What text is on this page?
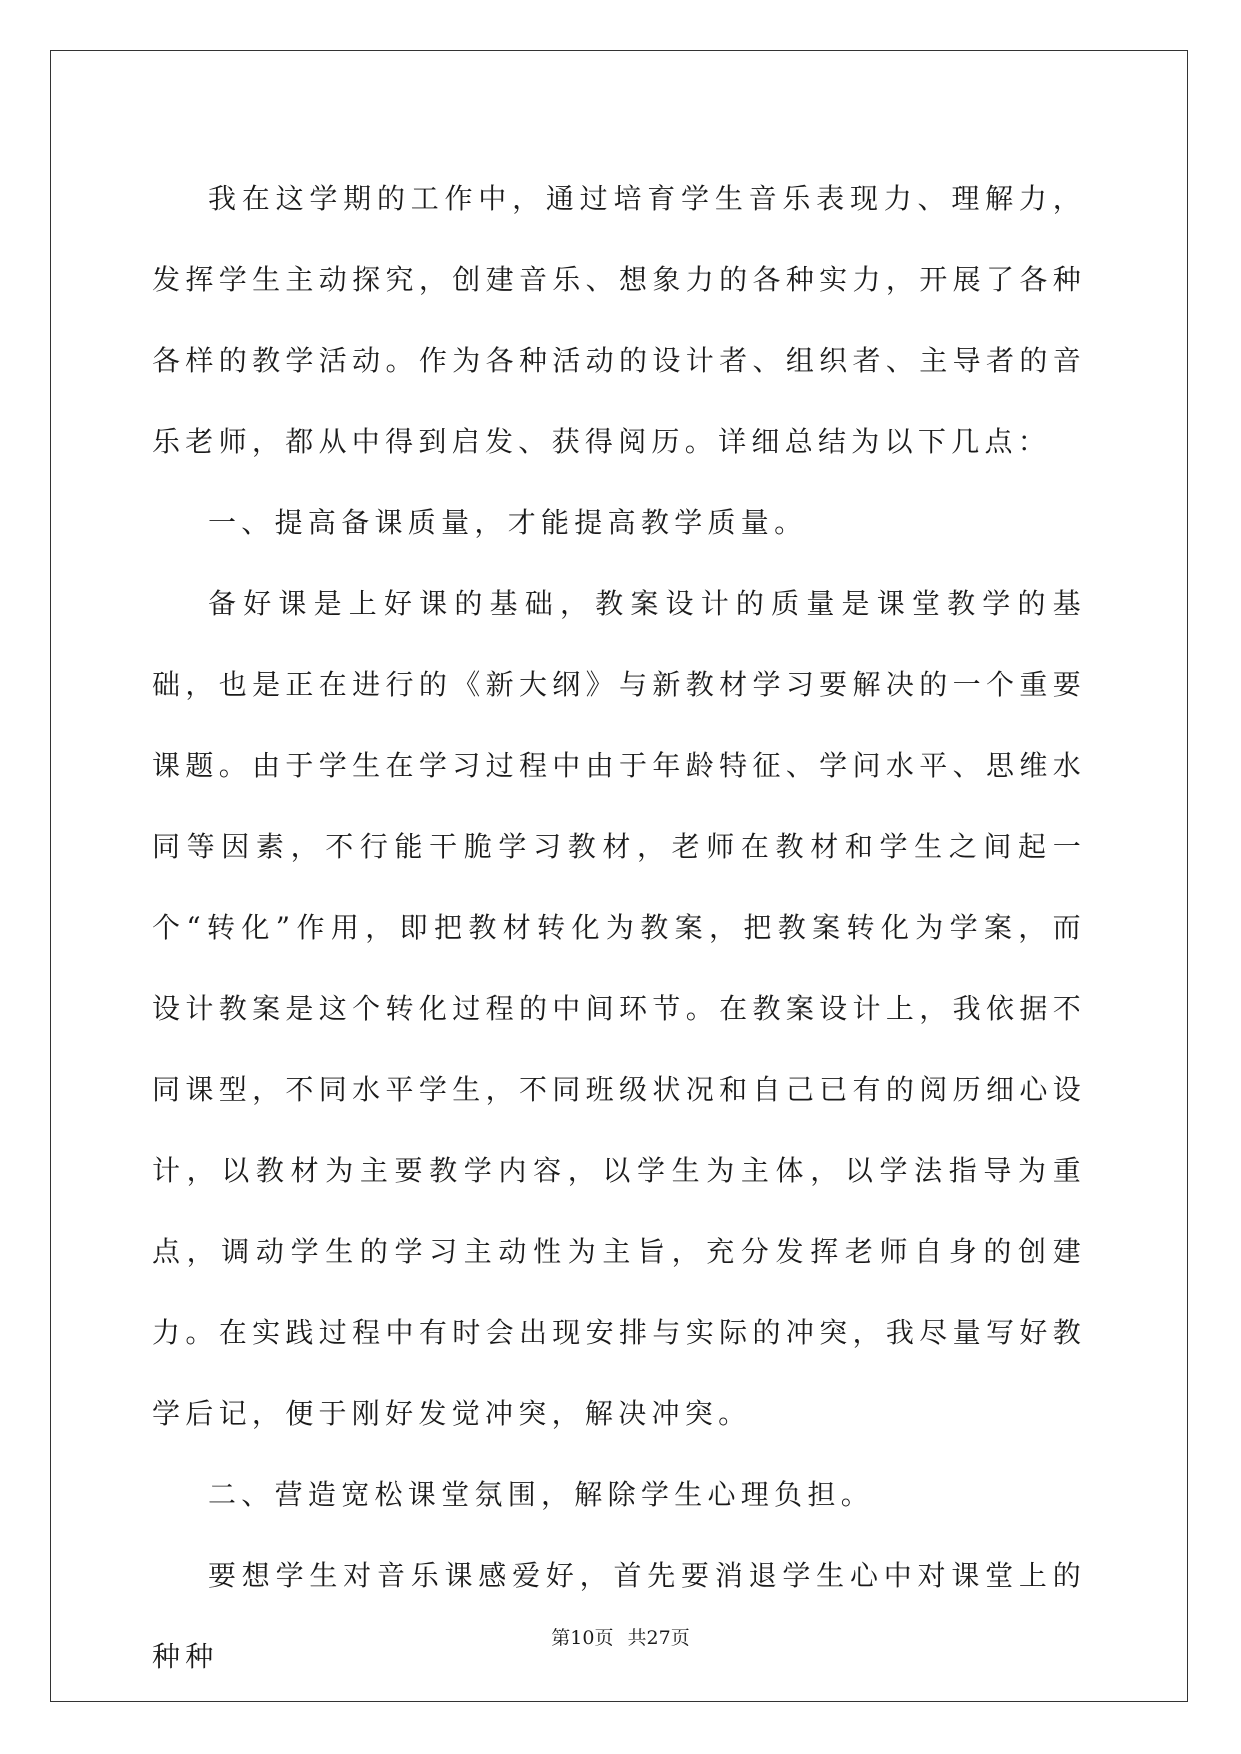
我在这学期的工作中，通过培育学生音乐表现力、理解力，发挥学生主动探究，创建音乐、想象力的各种实力，开展了各种各样的教学活动。作为各种活动的设计者、组织者、主导者的音乐老师，都从中得到启发、获得阅历。详细总结为以下几点：

一、提高备课质量，才能提高教学质量。

备好课是上好课的基础，教案设计的质量是课堂教学的基础，也是正在进行的《新大纲》与新教材学习要解决的一个重要课题。由于学生在学习过程中由于年龄特征、学问水平、思维水同等因素，不行能干脆学习教材，老师在教材和学生之间起一个“转化”作用，即把教材转化为教案，把教案转化为学案，而设计教案是这个转化过程的中间环节。在教案设计上，我依据不同课型，不同水平学生，不同班级状况和自己已有的阅历细心设计，以教材为主要教学内容，以学生为主体，以学法指导为重点，调动学生的学习主动性为主旨，充分发挥老师自身的创建力。在实践过程中有时会出现安排与实际的冲突，我尽量写好教学后记，便于刚好发觉冲突，解决冲突。

二、营造宽松课堂氛围，解除学生心理负担。

要想学生对音乐课感爱好，首先要消退学生心中对课堂上的种种

第10页 共27页
